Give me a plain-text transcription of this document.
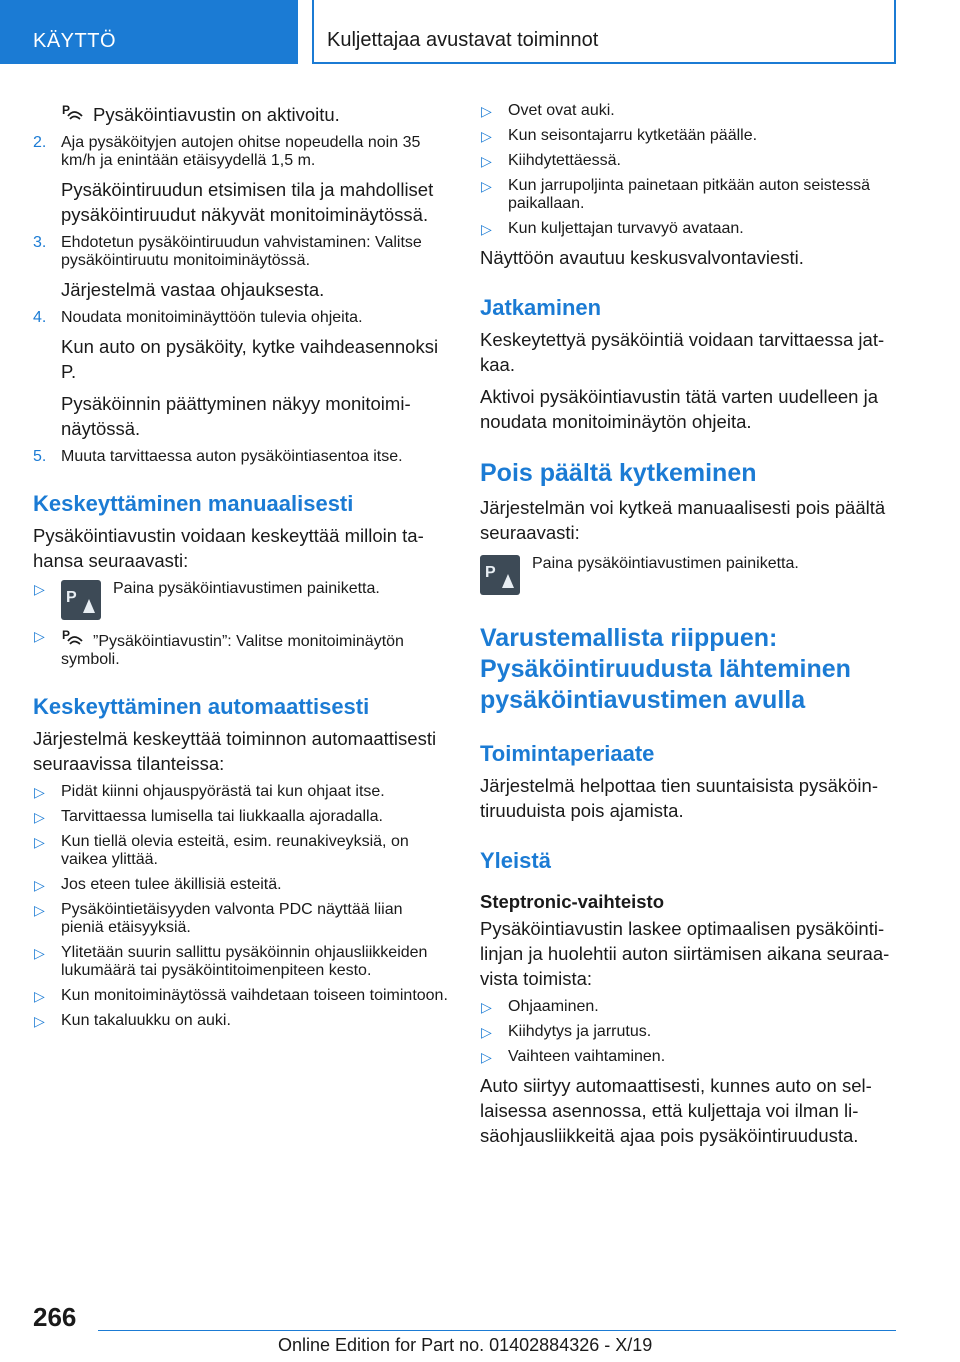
KÄYTTÖ	Kuljettajaa avustavat toiminnot

P Pysäköintiavustin on aktivoitu.

2. Aja pysäköityjen autojen ohitse nopeudella noin 35 km/h ja enintään etäisyydellä 1,5 m.

Pysäköintiruudun etsimisen tila ja mahdolliset pysäköintiruudut näkyvät monitoiminäytössä.

3. Ehdotetun pysäköintiruudun vahvistaminen: Valitse pysäköintiruutu monitoiminäytössä.

Järjestelmä vastaa ohjauksesta.

4. Noudata monitoiminäyttöön tulevia ohjeita.

Kun auto on pysäköity, kytke vaihdeasennoksi P.

Pysäköinnin päättyminen näkyy monitoiminäytössä.

5. Muuta tarvittaessa auton pysäköintiasentoa itse.
Keskeyttäminen manuaalisesti

Pysäköintiavustin voidaan keskeyttää milloin tahansa seuraavasti:

▷ P
Paina pysäköintiavustimen painiketta.
▷ P ”Pysäköintiavustin”: Valitse monitoiminäytön symboli.
Keskeyttäminen automaattisesti

Järjestelmä keskeyttää toiminnon automaattisesti seuraavissa tilanteissa:

▷ Pidät kiinni ohjauspyörästä tai kun ohjaat itse.
▷ Tarvittaessa lumisella tai liukkaalla ajoradalla.
▷ Kun tiellä olevia esteitä, esim. reunakiveyksiä, on vaikea ylittää.
▷ Jos eteen tulee äkillisiä esteitä.
▷ Pysäköintietäisyyden valvonta PDC näyttää liian pieniä etäisyyksiä.
▷ Ylitetään suurin sallittu pysäköinnin ohjausliikkeiden lukumäärä tai pysäköintitoimenpiteen kesto.
▷ Kun monitoiminäytössä vaihdetaan toiseen toimintoon.
▷ Kun takaluukku on auki.
▷ Ovet ovat auki.
▷ Kun seisontajarru kytketään päälle.
▷ Kiihdytettäessä.
▷ Kun jarrupoljinta painetaan pitkään auton seistessä paikallaan.
▷ Kun kuljettajan turvavyö avataan.

Näyttöön avautuu keskusvalvontaviesti.

Jatkaminen

Keskeytettyä pysäköintiä voidaan tarvittaessa jatkaa.

Aktivoi pysäköintiavustin tätä varten uudelleen ja noudata monitoiminäytön ohjeita.

Pois päältä kytkeminen

Järjestelmän voi kytkeä manuaalisesti pois päältä seuraavasti:

P
Paina pysäköintiavustimen painiketta.
Varustemallista riippuen: Pysäköintiruudusta lähteminen pysäköintiavustimen avulla
Toimintaperiaate

Järjestelmä helpottaa tien suuntaisista pysäköintiruuduista pois ajamista.

Yleistä
Steptronic-vaihteisto

Pysäköintiavustin laskee optimaalisen pysäköintilinjan ja huolehtii auton siirtämisen aikana seuraavista toimista:

▷ Ohjaaminen.
▷ Kiihdytys ja jarrutus.
▷ Vaihteen vaihtaminen.

Auto siirtyy automaattisesti, kunnes auto on sellaisessa asennossa, että kuljettaja voi ilman lisäohjausliikkeitä ajaa pois pysäköintiruudusta.

266
Online Edition for Part no. 01402884326 - X/19
